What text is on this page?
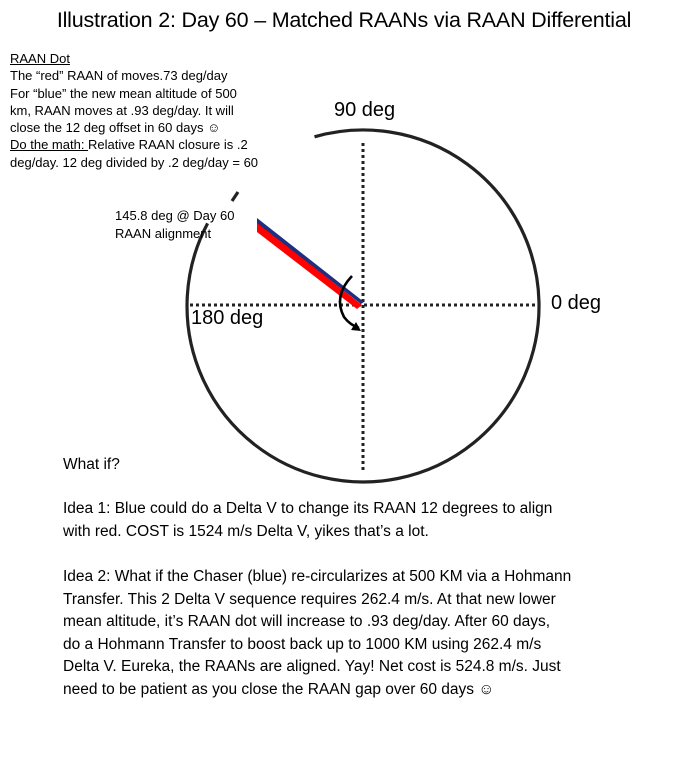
Illustration 2: Day 60 – Matched RAANs via RAAN Differential
RAAN Dot
The “red” RAAN of moves.73 deg/day
For “blue” the new mean altitude of 500
km, RAAN moves at .93 deg/day. It will
close the 12 deg offset in 60 days ☺
Do the math: Relative RAAN closure is .2
deg/day. 12 deg divided by .2 deg/day = 60
90 deg
0 deg
180 deg
145.8 deg @ Day 60
RAAN alignment
What if?
Idea 1: Blue could do a Delta V to change its RAAN 12 degrees to align
with red. COST is 1524 m/s Delta V, yikes that’s a lot.
Idea 2: What if the Chaser (blue) re-circularizes at 500 KM via a Hohmann
Transfer. This 2 Delta V sequence requires 262.4 m/s. At that new lower
mean altitude, it’s RAAN dot will increase to .93 deg/day. After 60 days,
do a Hohmann Transfer to boost back up to 1000 KM using 262.4 m/s
Delta V. Eureka, the RAANs are aligned. Yay! Net cost is 524.8 m/s. Just
need to be patient as you close the RAAN gap over 60 days ☺
